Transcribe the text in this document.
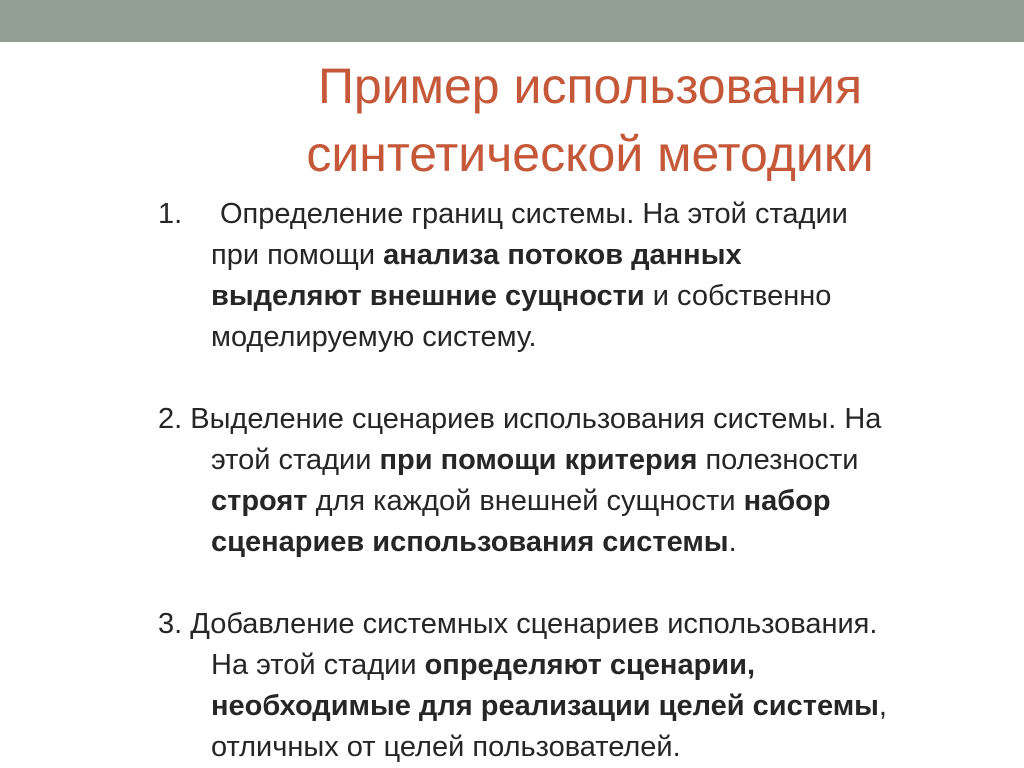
Пример использования
синтетической методики
1. Определение границ системы. На этой стадии
при помощи анализа потоков данных
выделяют внешние сущности и собственно
моделируемую систему.
2. Выделение сценариев использования системы. На
этой стадии при помощи критерия полезности
строят для каждой внешней сущности набор
сценариев использования системы.
3. Добавление системных сценариев использования.
На этой стадии определяют сценарии,
необходимые для реализации целей системы,
отличных от целей пользователей.
